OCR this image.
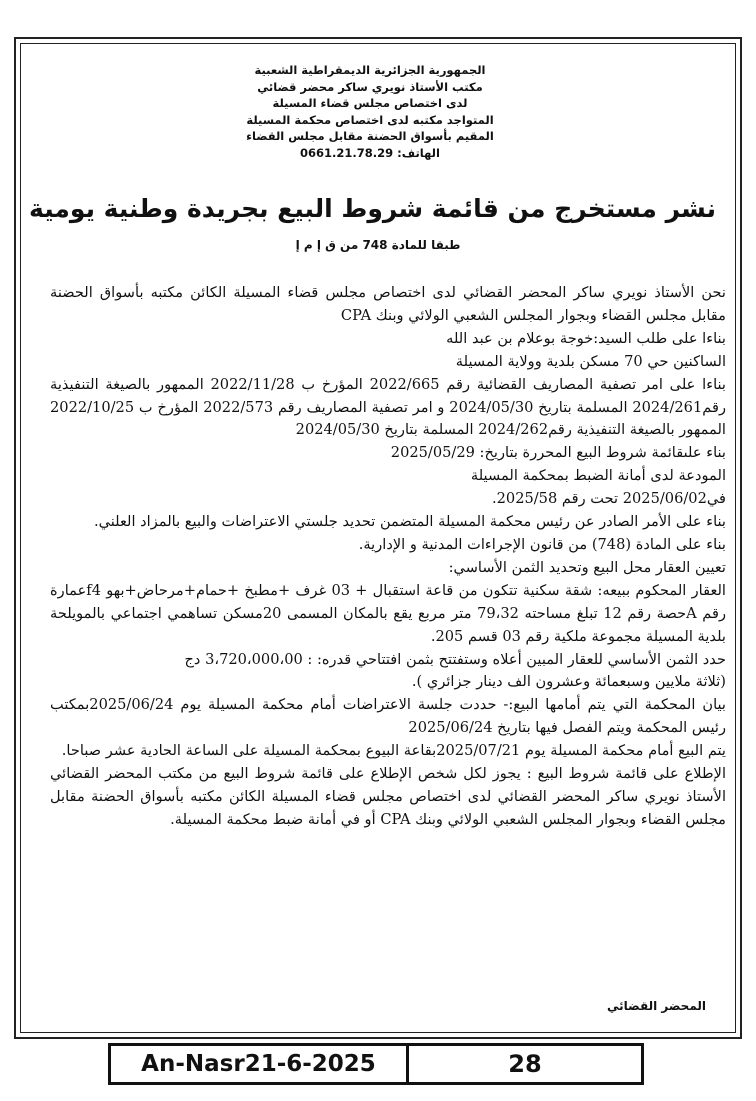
الجمهورية الجزائرية الديمقراطية الشعبية
مكتب الأستاذ نويري ساكر محضر قضائي
لدى اختصاص مجلس قضاء المسيلة
المتواجد مكتبه لدى اختصاص محكمة المسيلة
المقيم بأسواق الحضنة مقابل مجلس القضاء
الهاتف: 0661.21.78.29
نشر مستخرج من قائمة شروط البيع بجريدة وطنية يومية
طبقا للمادة 748 من ق إ م إ

نحن الأستاذ نويري ساكر المحضر القضائي لدى اختصاص مجلس قضاء المسيلة الكائن مكتبه بأسواق الحضنة مقابل مجلس القضاء وبجوار المجلس الشعبي الولائي وبنك CPA

بناءا على طلب السيد:خوجة بوعلام بن عبد الله

الساكنين حي 70 مسكن بلدية وولاية المسيلة

بناءا على امر تصفية المصاريف القضائية رقم 2022/665 المؤرخ ب 2022/11/28 الممهور بالصيغة التنفيذية رقم2024/261 المسلمة بتاريخ 2024/05/30 و امر تصفية المصاريف رقم 2022/573 المؤرخ ب 2022/10/25 الممهور بالصيغة التنفيذية رقم2024/262 المسلمة بتاريخ 2024/05/30

بناء علىقائمة شروط البيع المحررة بتاريخ: 2025/05/29

المودعة لدى أمانة الضبط بمحكمة المسيلة

في2025/06/02 تحت رقم 2025/58.

بناء على الأمر الصادر عن رئيس محكمة المسيلة المتضمن تحديد جلستي الاعتراضات والبيع بالمزاد العلني.

بناء على المادة (748) من قانون الإجراءات المدنية و الإدارية.

تعيين العقار محل البيع وتحديد الثمن الأساسي:

العقار المحكوم ببيعه: شقة سكنية تتكون من قاعة استقبال + 03 غرف +مطبخ +حمام+مرحاض+بهو f4عمارة رقم Aحصة رقم 12 تبلغ مساحته 79،32 متر مربع يقع بالمكان المسمى 20مسكن تساهمي اجتماعي بالمويلحة بلدية المسيلة مجموعة ملكية رقم 03 قسم 205.

حدد الثمن الأساسي للعقار المبين أعلاه وستفتتح بثمن افتتاحي قدره: : 3،720،000،00 دج

(ثلاثة ملايين وسبعمائة وعشرون الف دينار جزائري ).

بيان المحكمة التي يتم أمامها البيع:- حددت جلسة الاعتراضات أمام محكمة المسيلة يوم 2025/06/24بمكتب رئيس المحكمة ويتم الفصل فيها بتاريخ 2025/06/24

يتم البيع أمام محكمة المسيلة يوم 2025/07/21بقاعة البيوع بمحكمة المسيلة على الساعة الحادية عشر صباحا.

الإطلاع على قائمة شروط البيع : يجوز لكل شخص الإطلاع على قائمة شروط البيع من مكتب المحضر القضائي الأستاذ نويري ساكر المحضر القضائي لدى اختصاص مجلس قضاء المسيلة الكائن مكتبه بأسواق الحضنة مقابل مجلس القضاء وبجوار المجلس الشعبي الولائي وبنك CPA أو في أمانة ضبط محكمة المسيلة.

المحضر القضائي
An-Nasr21-6-2025	28
